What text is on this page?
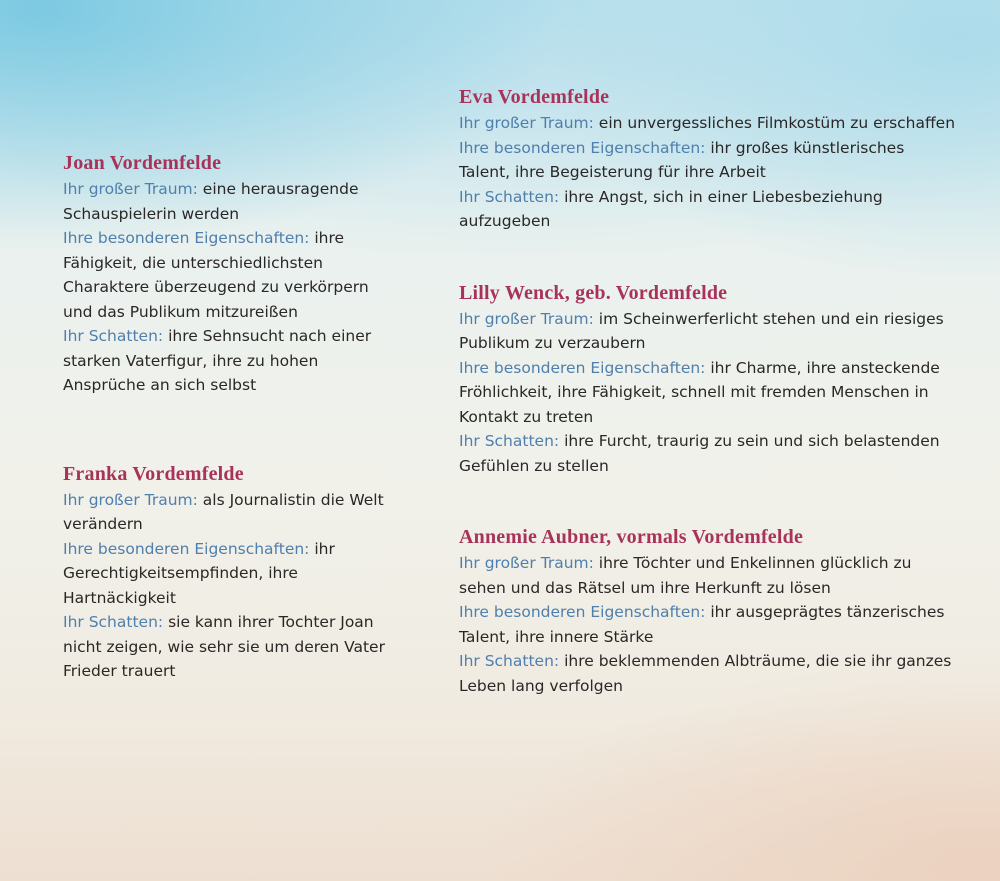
Joan Vordemfelde

Ihr großer Traum: eine herausragende Schauspielerin werden

Ihre besonderen Eigenschaften: ihre Fähigkeit, die unterschiedlichsten Charaktere überzeugend zu verkörpern und das Publikum mitzureißen

Ihr Schatten: ihre Sehnsucht nach einer starken Vaterfigur, ihre zu hohen Ansprüche an sich selbst

Franka Vordemfelde

Ihr großer Traum: als Journalistin die Welt verändern

Ihre besonderen Eigenschaften: ihr Gerechtigkeitsempfinden, ihre Hartnäckigkeit

Ihr Schatten: sie kann ihrer Tochter Joan nicht zeigen, wie sehr sie um deren Vater Frieder trauert

Eva Vordemfelde

Ihr großer Traum: ein unvergessliches Filmkostüm zu erschaffen

Ihre besonderen Eigenschaften: ihr großes künstlerisches Talent, ihre Begeisterung für ihre Arbeit

Ihr Schatten: ihre Angst, sich in einer Liebesbeziehung aufzugeben

Lilly Wenck, geb. Vordemfelde

Ihr großer Traum: im Scheinwerferlicht stehen und ein riesiges Publikum zu verzaubern

Ihre besonderen Eigenschaften: ihr Charme, ihre ansteckende Fröhlichkeit, ihre Fähigkeit, schnell mit fremden Menschen in Kontakt zu treten

Ihr Schatten: ihre Furcht, traurig zu sein und sich belastenden Gefühlen zu stellen

Annemie Aubner, vormals Vordemfelde

Ihr großer Traum: ihre Töchter und Enkelinnen glücklich zu sehen und das Rätsel um ihre Herkunft zu lösen

Ihre besonderen Eigenschaften: ihr ausgeprägtes tänzerisches Talent, ihre innere Stärke

Ihr Schatten: ihre beklemmenden Albträume, die sie ihr ganzes Leben lang verfolgen
